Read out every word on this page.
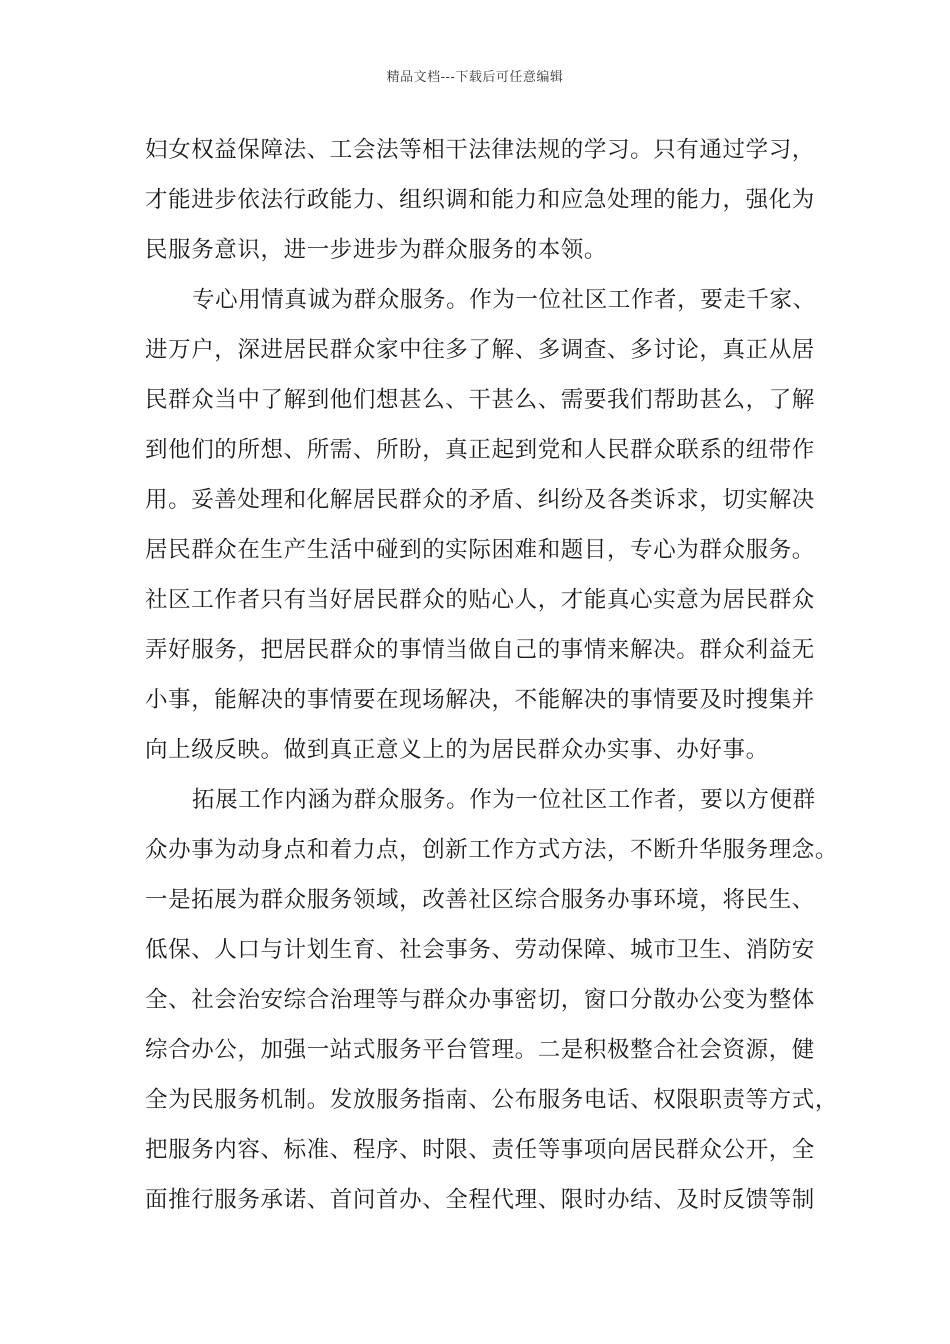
精品文档---下载后可任意编辑
妇女权益保障法、工会法等相干法律法规的学习。只有通过学习，
才能进步依法行政能力、组织调和能力和应急处理的能力，强化为
民服务意识，进一步进步为群众服务的本领。
专心用情真诚为群众服务。作为一位社区工作者，要走千家、
进万户，深进居民群众家中往多了解、多调查、多讨论，真正从居
民群众当中了解到他们想甚么、干甚么、需要我们帮助甚么，了解
到他们的所想、所需、所盼，真正起到党和人民群众联系的纽带作
用。妥善处理和化解居民群众的矛盾、纠纷及各类诉求，切实解决
居民群众在生产生活中碰到的实际困难和题目，专心为群众服务。
社区工作者只有当好居民群众的贴心人，才能真心实意为居民群众
弄好服务，把居民群众的事情当做自己的事情来解决。群众利益无
小事，能解决的事情要在现场解决，不能解决的事情要及时搜集并
向上级反映。做到真正意义上的为居民群众办实事、办好事。
拓展工作内涵为群众服务。作为一位社区工作者，要以方便群
众办事为动身点和着力点，创新工作方式方法，不断升华服务理念。
一是拓展为群众服务领域，改善社区综合服务办事环境，将民生、
低保、人口与计划生育、社会事务、劳动保障、城市卫生、消防安
全、社会治安综合治理等与群众办事密切，窗口分散办公变为整体
综合办公，加强一站式服务平台管理。二是积极整合社会资源，健
全为民服务机制。发放服务指南、公布服务电话、权限职责等方式，
把服务内容、标准、程序、时限、责任等事项向居民群众公开，全
面推行服务承诺、首问首办、全程代理、限时办结、及时反馈等制
